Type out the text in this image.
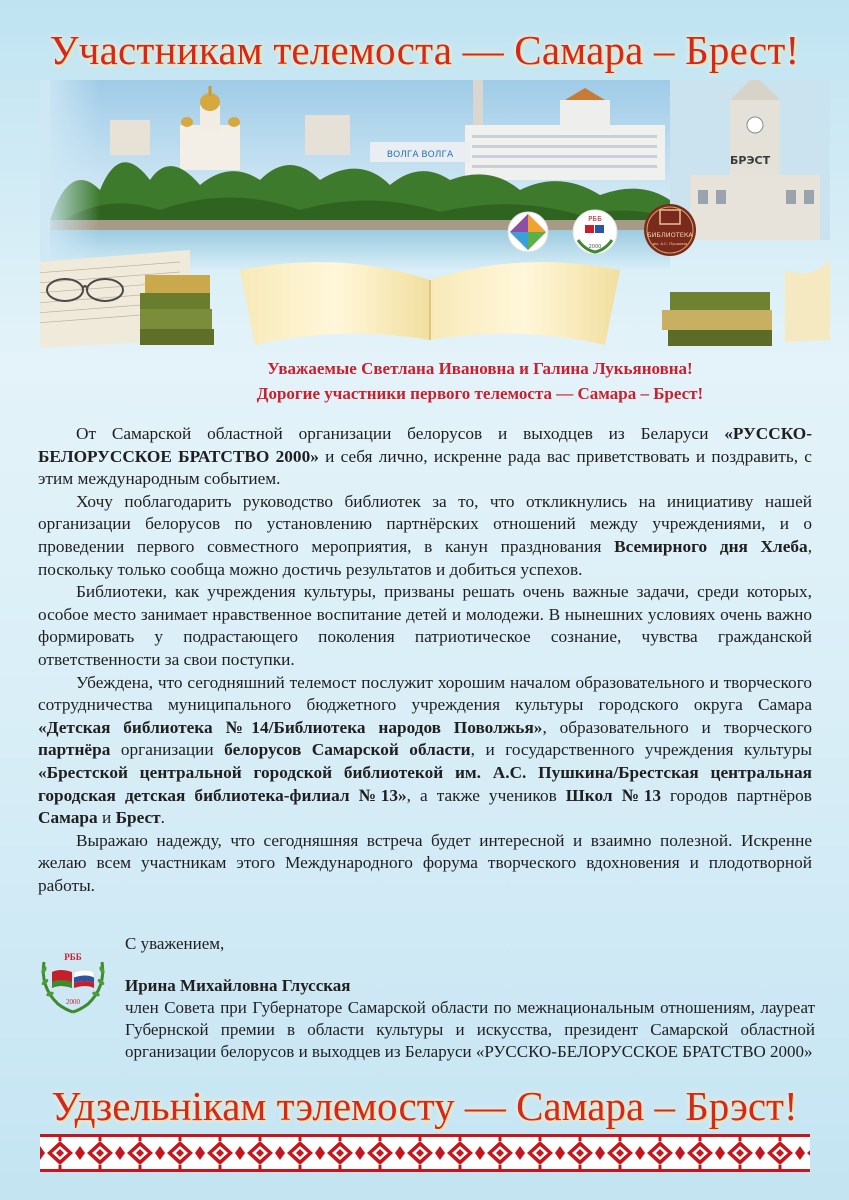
Участникам телемоста — Самара – Брест!
ВОЛГА ВОЛГА	БРЭСТ
РББ
2000
БИБЛИОТЕКА
им. А.С. Пушкина
Уважаемые Светлана Ивановна и Галина Лукьяновна!
Дорогие участники первого телемоста — Самара – Брест!

От Самарской областной организации белорусов и выходцев из Беларуси «РУССКО-БЕЛОРУССКОЕ БРАТСТВО 2000» и себя лично, искренне рада вас приветствовать и поздравить, с этим международным событием.

Хочу поблагодарить руководство библиотек за то, что откликнулись на инициативу нашей организации белорусов по установлению партнёрских отношений между учреждениями, и о проведении первого совместного мероприятия, в канун празднования Всемирного дня Хлеба, поскольку только сообща можно достичь результатов и добиться успехов.

Библиотеки, как учреждения культуры, призваны решать очень важные задачи, среди которых, особое место занимает нравственное воспитание детей и молодежи. В нынешних условиях очень важно формировать у подрастающего поколения патриотическое сознание, чувства гражданской ответственности за свои поступки.

Убеждена, что сегодняшний телемост послужит хорошим началом образовательного и творческого сотрудничества муниципального бюджетного учреждения культуры городского округа Самара «Детская библиотека №14/Библиотека народов Поволжья», образовательного и творческого партнёра организации белорусов Самарской области, и государственного учреждения культуры «Брестской центральной городской библиотекой им. А.С. Пушкина/Брестская центральная городская детская библиотека-филиал №13», а также учеников Школ №13 городов партнёров Самара и Брест.

Выражаю надежду, что сегодняшняя встреча будет интересной и взаимно полезной. Искренне желаю всем участникам этого Международного форума творческого вдохновения и плодотворной работы.

РББ
2000
С уважением,
Ирина Михайловна Глусская
член Совета при Губернаторе Самарской области по межнациональным отношениям, лауреат Губернской премии в области культуры и искусства, президент Самарской областной организации белорусов и выходцев из Беларуси «РУССКО-БЕЛОРУССКОЕ БРАТСТВО 2000»
Удзельнікам тэлемосту — Самара – Брэст!
